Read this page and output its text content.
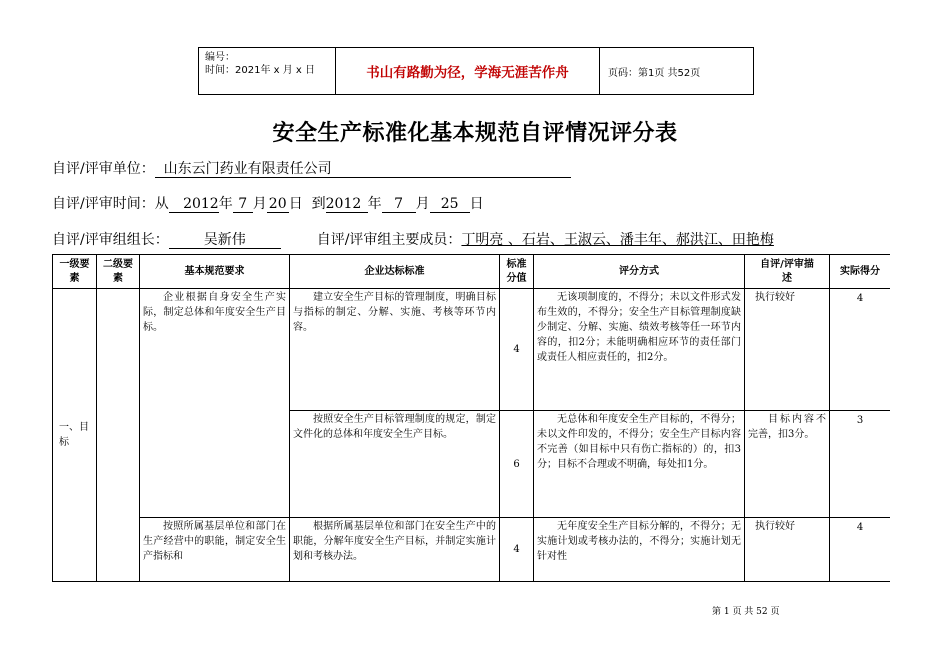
编号：
时间：2021年 x 月 x 日	书山有路勤为径，学海无涯苦作舟	页码：第1页 共52页
安全生产标准化基本规范自评情况评分表
自评/评审单位： 山东云门药业有限责任公司
自评/评审时间：从 2012年 7 月 20 日 到2012 年 7 月 25 日
自评/评审组组长：	吴新伟	自评/评审组主要成员：丁明亮 、石岩、王淑云、潘丰年、郝洪江、田艳梅
一级要素	二级要素	基本规范要求	企业达标标准	标准分值	评分方式	自评/评审描　　述	实际得分
一、目标		企业根据自身安全生产实际，制定总体和年度安全生产目标。	建立安全生产目标的管理制度，明确目标与指标的制定、分解、实施、考核等环节内容。	4	无该项制度的，不得分；未以文件形式发布生效的，不得分；安全生产目标管理制度缺少制定、分解、实施、绩效考核等任一环节内容的，扣2分；未能明确相应环节的责任部门或责任人相应责任的，扣2分。	执行较好	4
			按照安全生产目标管理制度的规定，制定文件化的总体和年度安全生产目标。	6	无总体和年度安全生产目标的，不得分；未以文件印发的，不得分；安全生产目标内容不完善（如目标中只有伤亡指标的）的，扣3分；目标不合理或不明确，每处扣1分。	目标内容不完善，扣3分。	3
		按照所属基层单位和部门在生产经营中的职能，制定安全生产指标和	根据所属基层单位和部门在安全生产中的职能，分解年度安全生产目标，并制定实施计划和考核办法。	4	无年度安全生产目标分解的，不得分；无实施计划或考核办法的，不得分；实施计划无针对性	执行较好	4
第 1 页 共 52 页
